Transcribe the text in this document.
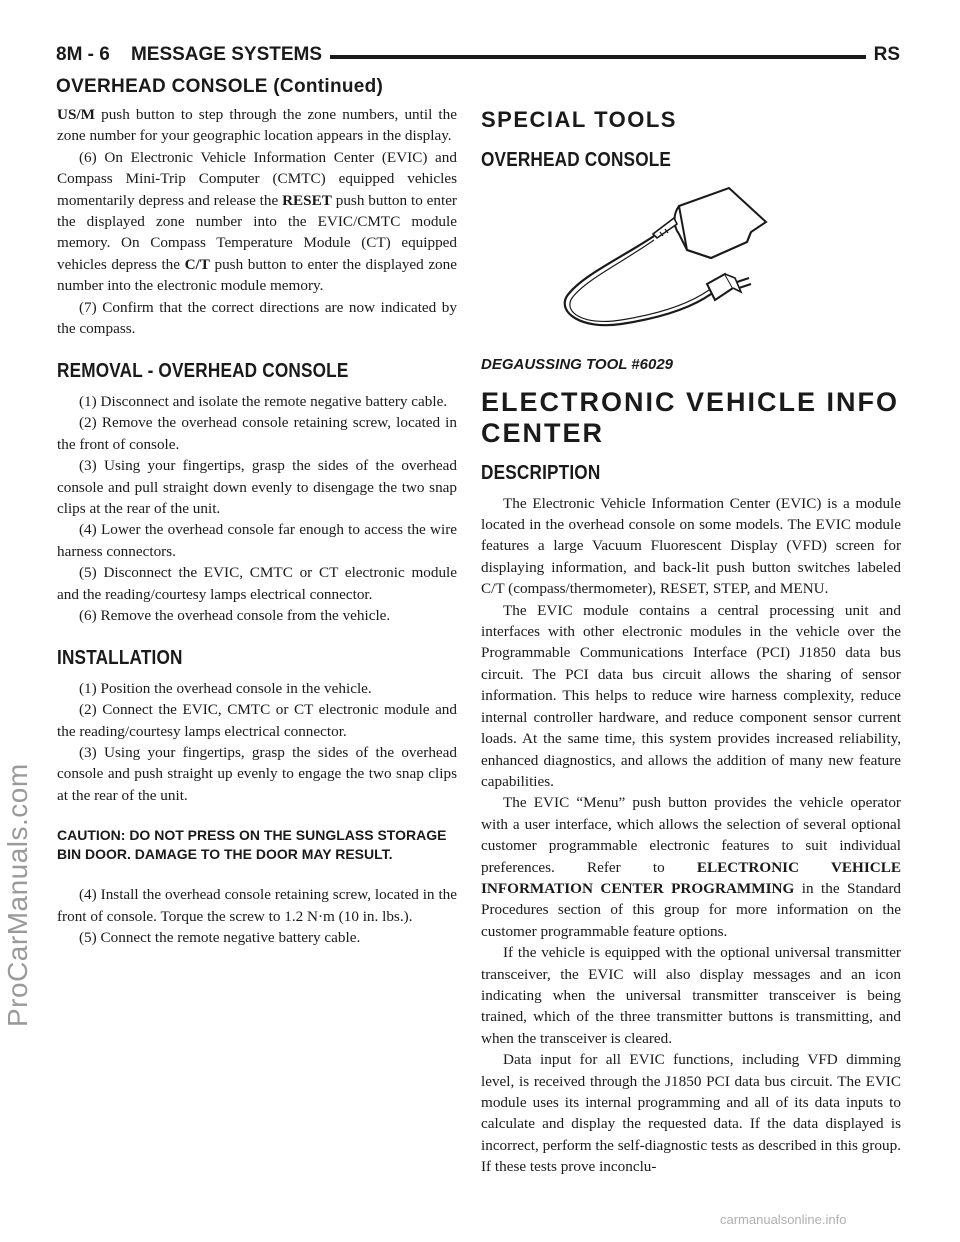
ProCarManuals.com
8M - 6    MESSAGE SYSTEMS	RS
OVERHEAD CONSOLE (Continued)

US/M push button to step through the zone numbers, until the zone number for your geographic location appears in the display.

(6) On Electronic Vehicle Information Center (EVIC) and Compass Mini-Trip Computer (CMTC) equipped vehicles momentarily depress and release the RESET push button to enter the displayed zone number into the EVIC/CMTC module memory. On Compass Temperature Module (CT) equipped vehicles depress the C/T push button to enter the displayed zone number into the electronic module memory.

(7) Confirm that the correct directions are now indicated by the compass.

REMOVAL - OVERHEAD CONSOLE

(1) Disconnect and isolate the remote negative battery cable.

(2) Remove the overhead console retaining screw, located in the front of console.

(3) Using your fingertips, grasp the sides of the overhead console and pull straight down evenly to disengage the two snap clips at the rear of the unit.

(4) Lower the overhead console far enough to access the wire harness connectors.

(5) Disconnect the EVIC, CMTC or CT electronic module and the reading/courtesy lamps electrical connector.

(6) Remove the overhead console from the vehicle.

INSTALLATION

(1) Position the overhead console in the vehicle.

(2) Connect the EVIC, CMTC or CT electronic module and the reading/courtesy lamps electrical connector.

(3) Using your fingertips, grasp the sides of the overhead console and push straight up evenly to engage the two snap clips at the rear of the unit.

CAUTION: DO NOT PRESS ON THE SUNGLASS STORAGE BIN DOOR. DAMAGE TO THE DOOR MAY RESULT.

(4) Install the overhead console retaining screw, located in the front of console. Torque the screw to 1.2 N·m (10 in. lbs.).

(5) Connect the remote negative battery cable.

SPECIAL TOOLS
OVERHEAD CONSOLE
DEGAUSSING TOOL #6029
ELECTRONIC VEHICLE INFO CENTER
DESCRIPTION

The Electronic Vehicle Information Center (EVIC) is a module located in the overhead console on some models. The EVIC module features a large Vacuum Fluorescent Display (VFD) screen for displaying information, and back-lit push button switches labeled C/T (compass/thermometer), RESET, STEP, and MENU.

The EVIC module contains a central processing unit and interfaces with other electronic modules in the vehicle over the Programmable Communications Interface (PCI) J1850 data bus circuit. The PCI data bus circuit allows the sharing of sensor information. This helps to reduce wire harness complexity, reduce internal controller hardware, and reduce component sensor current loads. At the same time, this system provides increased reliability, enhanced diagnostics, and allows the addition of many new feature capabilities.

The EVIC “Menu” push button provides the vehicle operator with a user interface, which allows the selection of several optional customer programmable electronic features to suit individual preferences. Refer to ELECTRONIC VEHICLE INFORMATION CENTER PROGRAMMING in the Standard Procedures section of this group for more information on the customer programmable feature options.

If the vehicle is equipped with the optional universal transmitter transceiver, the EVIC will also display messages and an icon indicating when the universal transmitter transceiver is being trained, which of the three transmitter buttons is transmitting, and when the transceiver is cleared.

Data input for all EVIC functions, including VFD dimming level, is received through the J1850 PCI data bus circuit. The EVIC module uses its internal programming and all of its data inputs to calculate and display the requested data. If the data displayed is incorrect, perform the self-diagnostic tests as described in this group. If these tests prove inconclu-

carmanualsonline.info
